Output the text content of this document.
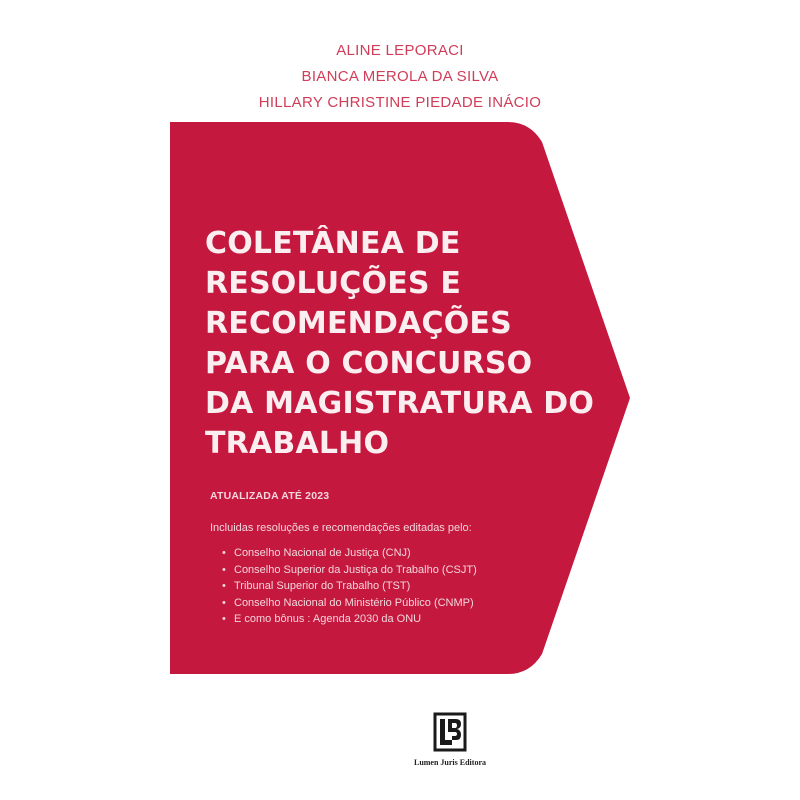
ALINE LEPORACI
BIANCA MEROLA DA SILVA
HILLARY CHRISTINE PIEDADE INÁCIO
COLETÂNEA DE
RESOLUÇÕES E
RECOMENDAÇÕES
PARA O CONCURSO
DA MAGISTRATURA DO
TRABALHO
ATUALIZADA ATÉ 2023
Incluidas resoluções e recomendações editadas pelo:
• Conselho Nacional de Justiça (CNJ)
• Conselho Superior da Justiça do Trabalho (CSJT)
• Tribunal Superior do Trabalho (TST)
• Conselho Nacional do Ministério Público (CNMP)
• E como bônus : Agenda 2030 da ONU
Lumen Juris Editora
